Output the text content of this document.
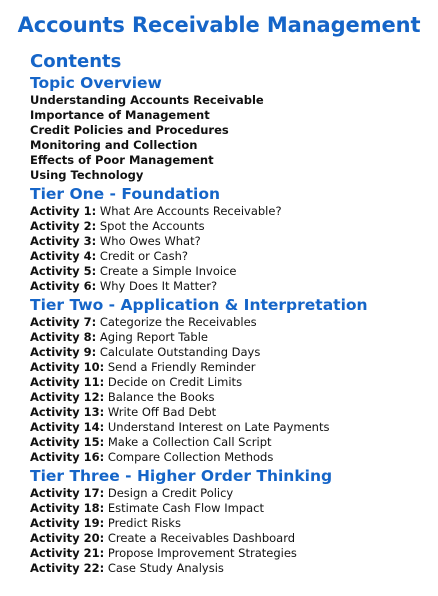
Accounts Receivable Management
Contents
Topic Overview
Understanding Accounts Receivable
Importance of Management
Credit Policies and Procedures
Monitoring and Collection
Effects of Poor Management
Using Technology
Tier One - Foundation
Activity 1: What Are Accounts Receivable?
Activity 2: Spot the Accounts
Activity 3: Who Owes What?
Activity 4: Credit or Cash?
Activity 5: Create a Simple Invoice
Activity 6: Why Does It Matter?
Tier Two - Application & Interpretation
Activity 7: Categorize the Receivables
Activity 8: Aging Report Table
Activity 9: Calculate Outstanding Days
Activity 10: Send a Friendly Reminder
Activity 11: Decide on Credit Limits
Activity 12: Balance the Books
Activity 13: Write Off Bad Debt
Activity 14: Understand Interest on Late Payments
Activity 15: Make a Collection Call Script
Activity 16: Compare Collection Methods
Tier Three - Higher Order Thinking
Activity 17: Design a Credit Policy
Activity 18: Estimate Cash Flow Impact
Activity 19: Predict Risks
Activity 20: Create a Receivables Dashboard
Activity 21: Propose Improvement Strategies
Activity 22: Case Study Analysis
